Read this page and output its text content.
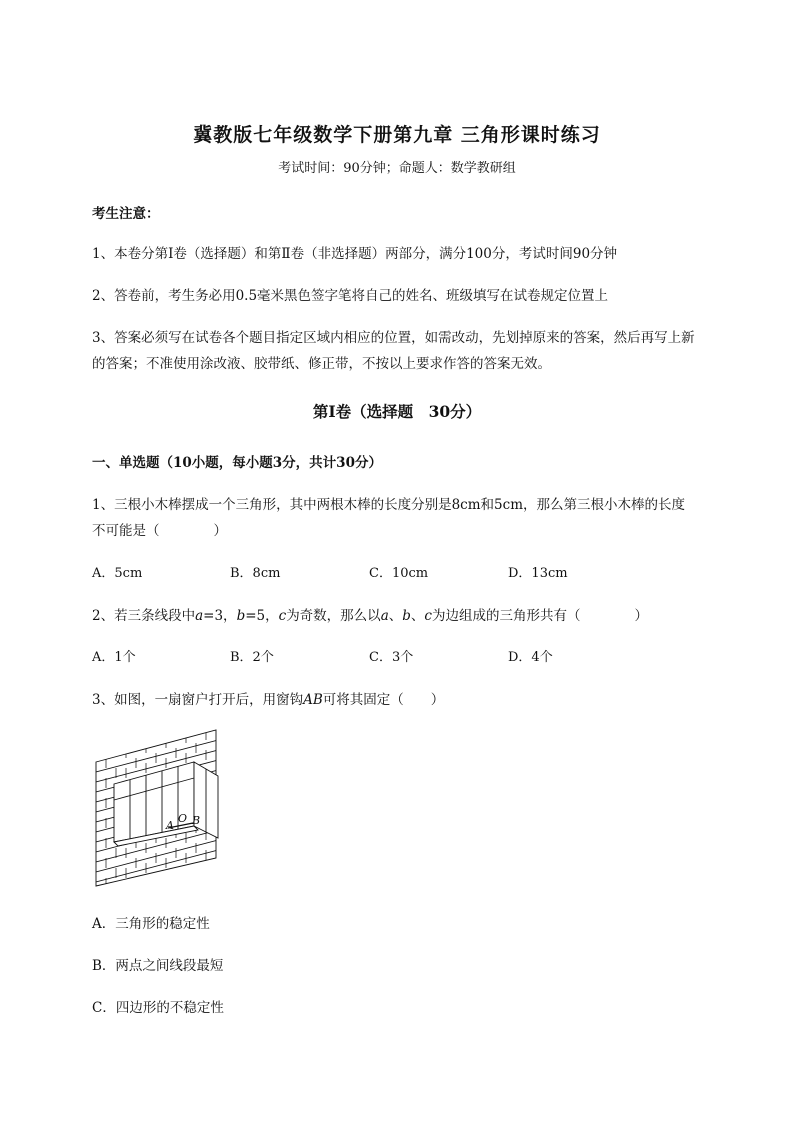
冀教版七年级数学下册第九章 三角形课时练习
考试时间：90分钟；命题人：数学教研组
考生注意：
1、本卷分第I卷（选择题）和第Ⅱ卷（非选择题）两部分，满分100分，考试时间90分钟
2、答卷前，考生务必用0.5毫米黑色签字笔将自己的姓名、班级填写在试卷规定位置上
3、答案必须写在试卷各个题目指定区域内相应的位置，如需改动，先划掉原来的答案，然后再写上新
的答案；不准使用涂改液、胶带纸、修正带，不按以上要求作答的答案无效。
第I卷（选择题　30分）
一、单选题（10小题，每小题3分，共计30分）
1、三根小木棒摆成一个三角形，其中两根木棒的长度分别是8cm和5cm，那么第三根小木棒的长度
不可能是（　　　　）
A．5cm	B．8cm	C．10cm	D．13cm
2、若三条线段中a=3，b=5，c为奇数，那么以a、b、c为边组成的三角形共有（　　　　）
A．1个	B．2个	C．3个	D．4个
3、如图，一扇窗户打开后，用窗钩AB可将其固定（　　）
A
O B
A．三角形的稳定性
B．两点之间线段最短
C．四边形的不稳定性
